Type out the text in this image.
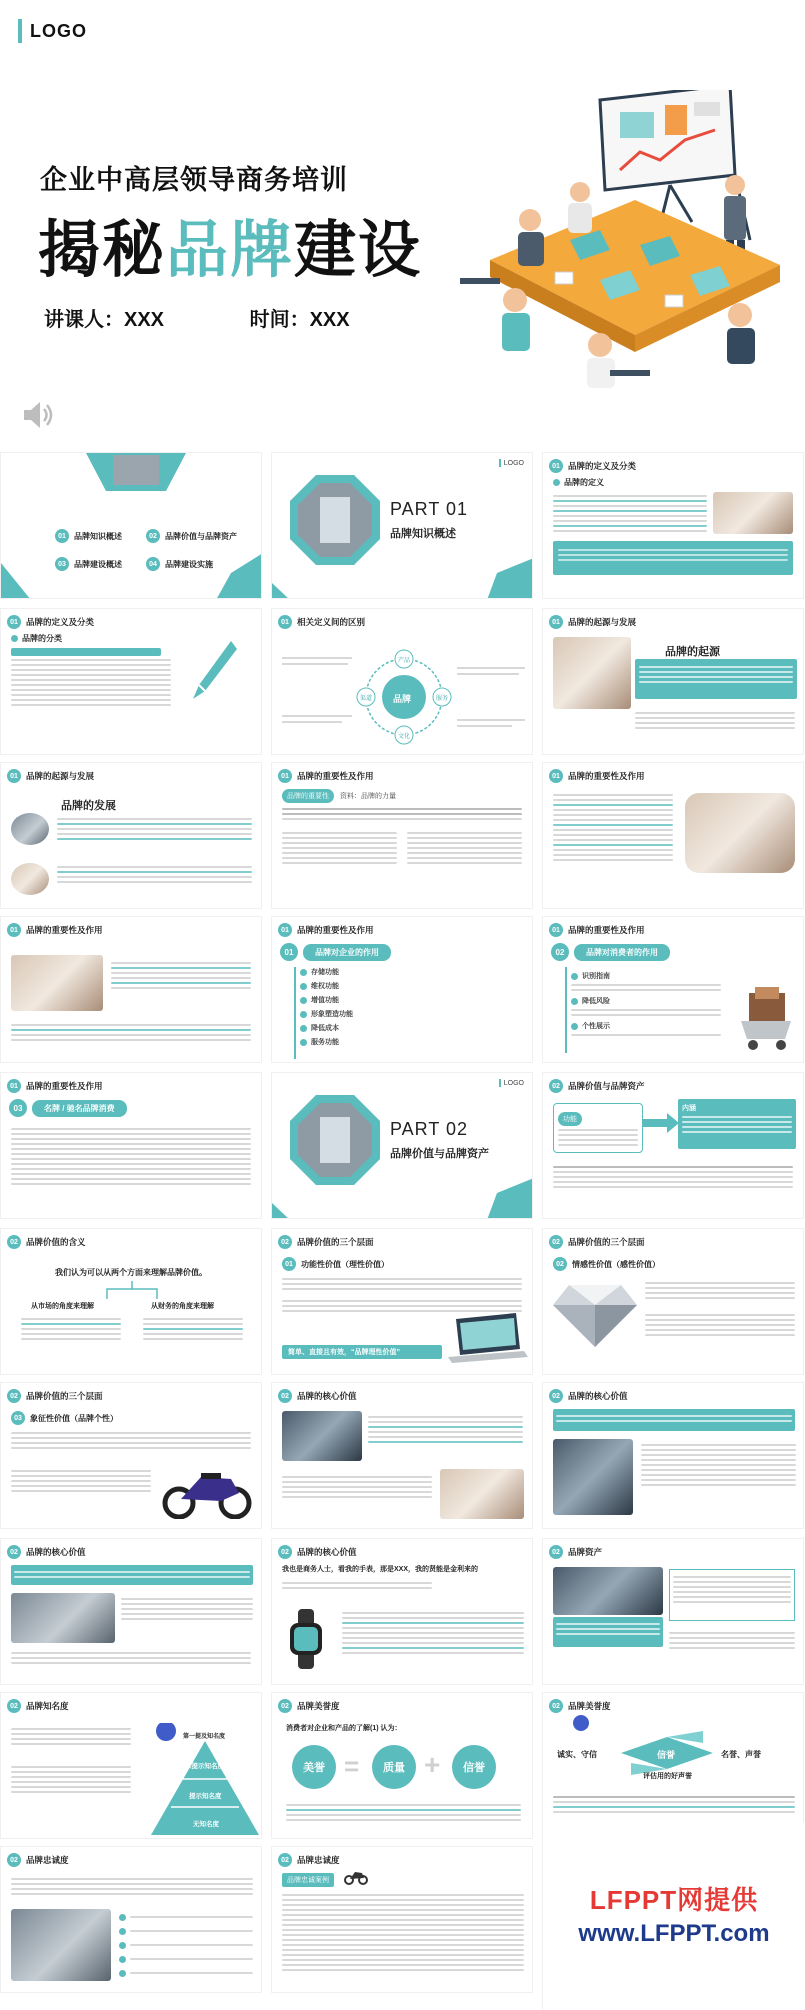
LOGO
企业中高层领导商务培训
揭秘品牌建设
讲课人：XXX	时间：XXX
01	品牌知识概述	02	品牌价值与品牌资产
03	品牌建设概述	04	品牌建设实施
LOGO
PART 01
品牌知识概述
01 品牌的定义及分类
品牌的定义
01 品牌的定义及分类
品牌的分类
01 相关定义间的区别
品牌
产品
服务
文化
渠道
01 品牌的起源与发展
品牌的起源
01 品牌的起源与发展
品牌的发展
01 品牌的重要性及作用
品牌的重要性	资料：品牌的力量
01 品牌的重要性及作用
01 品牌的重要性及作用	01 品牌的重要性及作用
01	品牌对企业的作用
存储功能
维权功能
增值功能
形象塑造功能
降低成本
服务功能
01 品牌的重要性及作用
02	品牌对消费者的作用
识别指南
降低风险
个性展示
01 品牌的重要性及作用
03	名牌 / 驰名品牌消费
LOGO
PART 02
品牌价值与品牌资产
02 品牌价值与品牌资产
功能
内涵
02 品牌价值的含义
我们认为可以从两个方面来理解品牌价值。
从市场的角度来理解	从财务的角度来理解
02 品牌价值的三个层面
01	功能性价值（理性价值）
简单、直接且有效，“品牌理性价值”
02 品牌价值的三个层面
02	情感性价值（感性价值）
02 品牌价值的三个层面
03	象征性价值（品牌个性）
02 品牌的核心价值	02 品牌的核心价值
02 品牌的核心价值	02 品牌的核心价值
我也是商务人士，看我的手表，那是XXX，我的贤能是金利来的
02 品牌资产
02 品牌知名度
第一提及知名度
未提示知名度
提示知名度
无知名度
02 品牌美誉度
消费者对企业和产品的了解(1) 认为：
美誉 =	质量 +	信誉
02 品牌美誉度
诚实、守信	信誉	名誉、声誉
评估用的好声誉
02 品牌忠诚度	02 品牌忠诚度
品牌忠诚案例
LFPPT网提供
www.LFPPT.com
